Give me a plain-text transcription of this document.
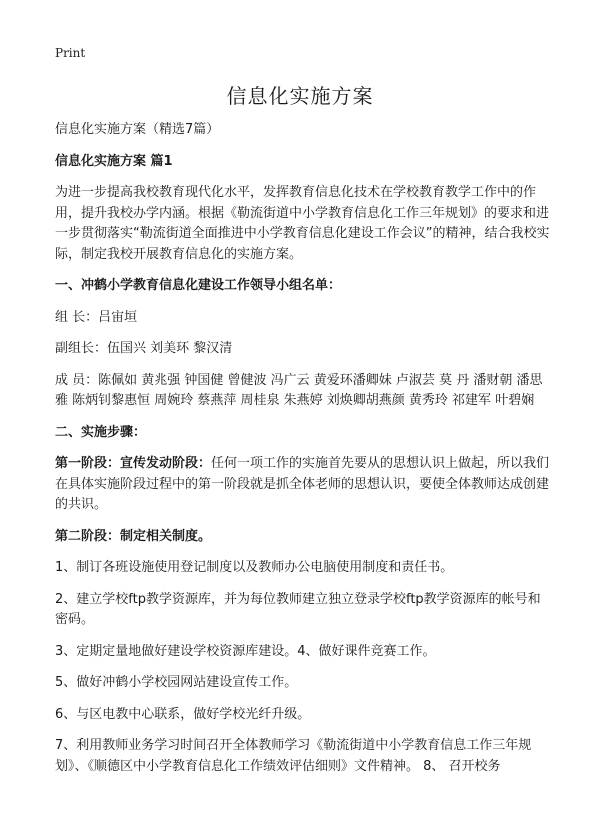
Print
信息化实施方案

信息化实施方案（精选7篇）

信息化实施方案 篇1

为进一步提高我校教育现代化水平，发挥教育信息化技术在学校教育教学工作中的作用，提升我校办学内涵。根据《勒流街道中小学教育信息化工作三年规划》的要求和进一步贯彻落实“勒流街道全面推进中小学教育信息化建设工作会议”的精神，结合我校实际，制定我校开展教育信息化的实施方案。

一、冲鹤小学教育信息化建设工作领导小组名单：

组 长：吕宙垣

副组长：伍国兴 刘美环 黎汉清

成 员：陈佩如 黄兆强 钟国健 曾健波 冯广云 黄爱环潘卿妹 卢淑芸 莫 丹 潘财朝 潘思雅 陈炳钊黎惠恒 周婉玲 蔡燕萍 周桂泉 朱燕婷 刘焕卿胡燕颜 黄秀玲 祁建军 叶碧娴

二、实施步骤：

第一阶段：宣传发动阶段：任何一项工作的实施首先要从的思想认识上做起，所以我们在具体实施阶段过程中的第一阶段就是抓全体老师的思想认识，要使全体教师达成创建的共识。

第二阶段：制定相关制度。

1、制订各班设施使用登记制度以及教师办公电脑使用制度和责任书。

2、建立学校ftp教学资源库，并为每位教师建立独立登录学校ftp教学资源库的帐号和密码。

3、定期定量地做好建设学校资源库建设。4、做好课件竞赛工作。

5、做好冲鹤小学校园网站建设宣传工作。

6、与区电教中心联系，做好学校光纤升级。

7、利用教师业务学习时间召开全体教师学习《勒流街道中小学教育信息工作三年规划》、《顺德区中小学教育信息化工作绩效评估细则》文件精神。 8、 召开校务
